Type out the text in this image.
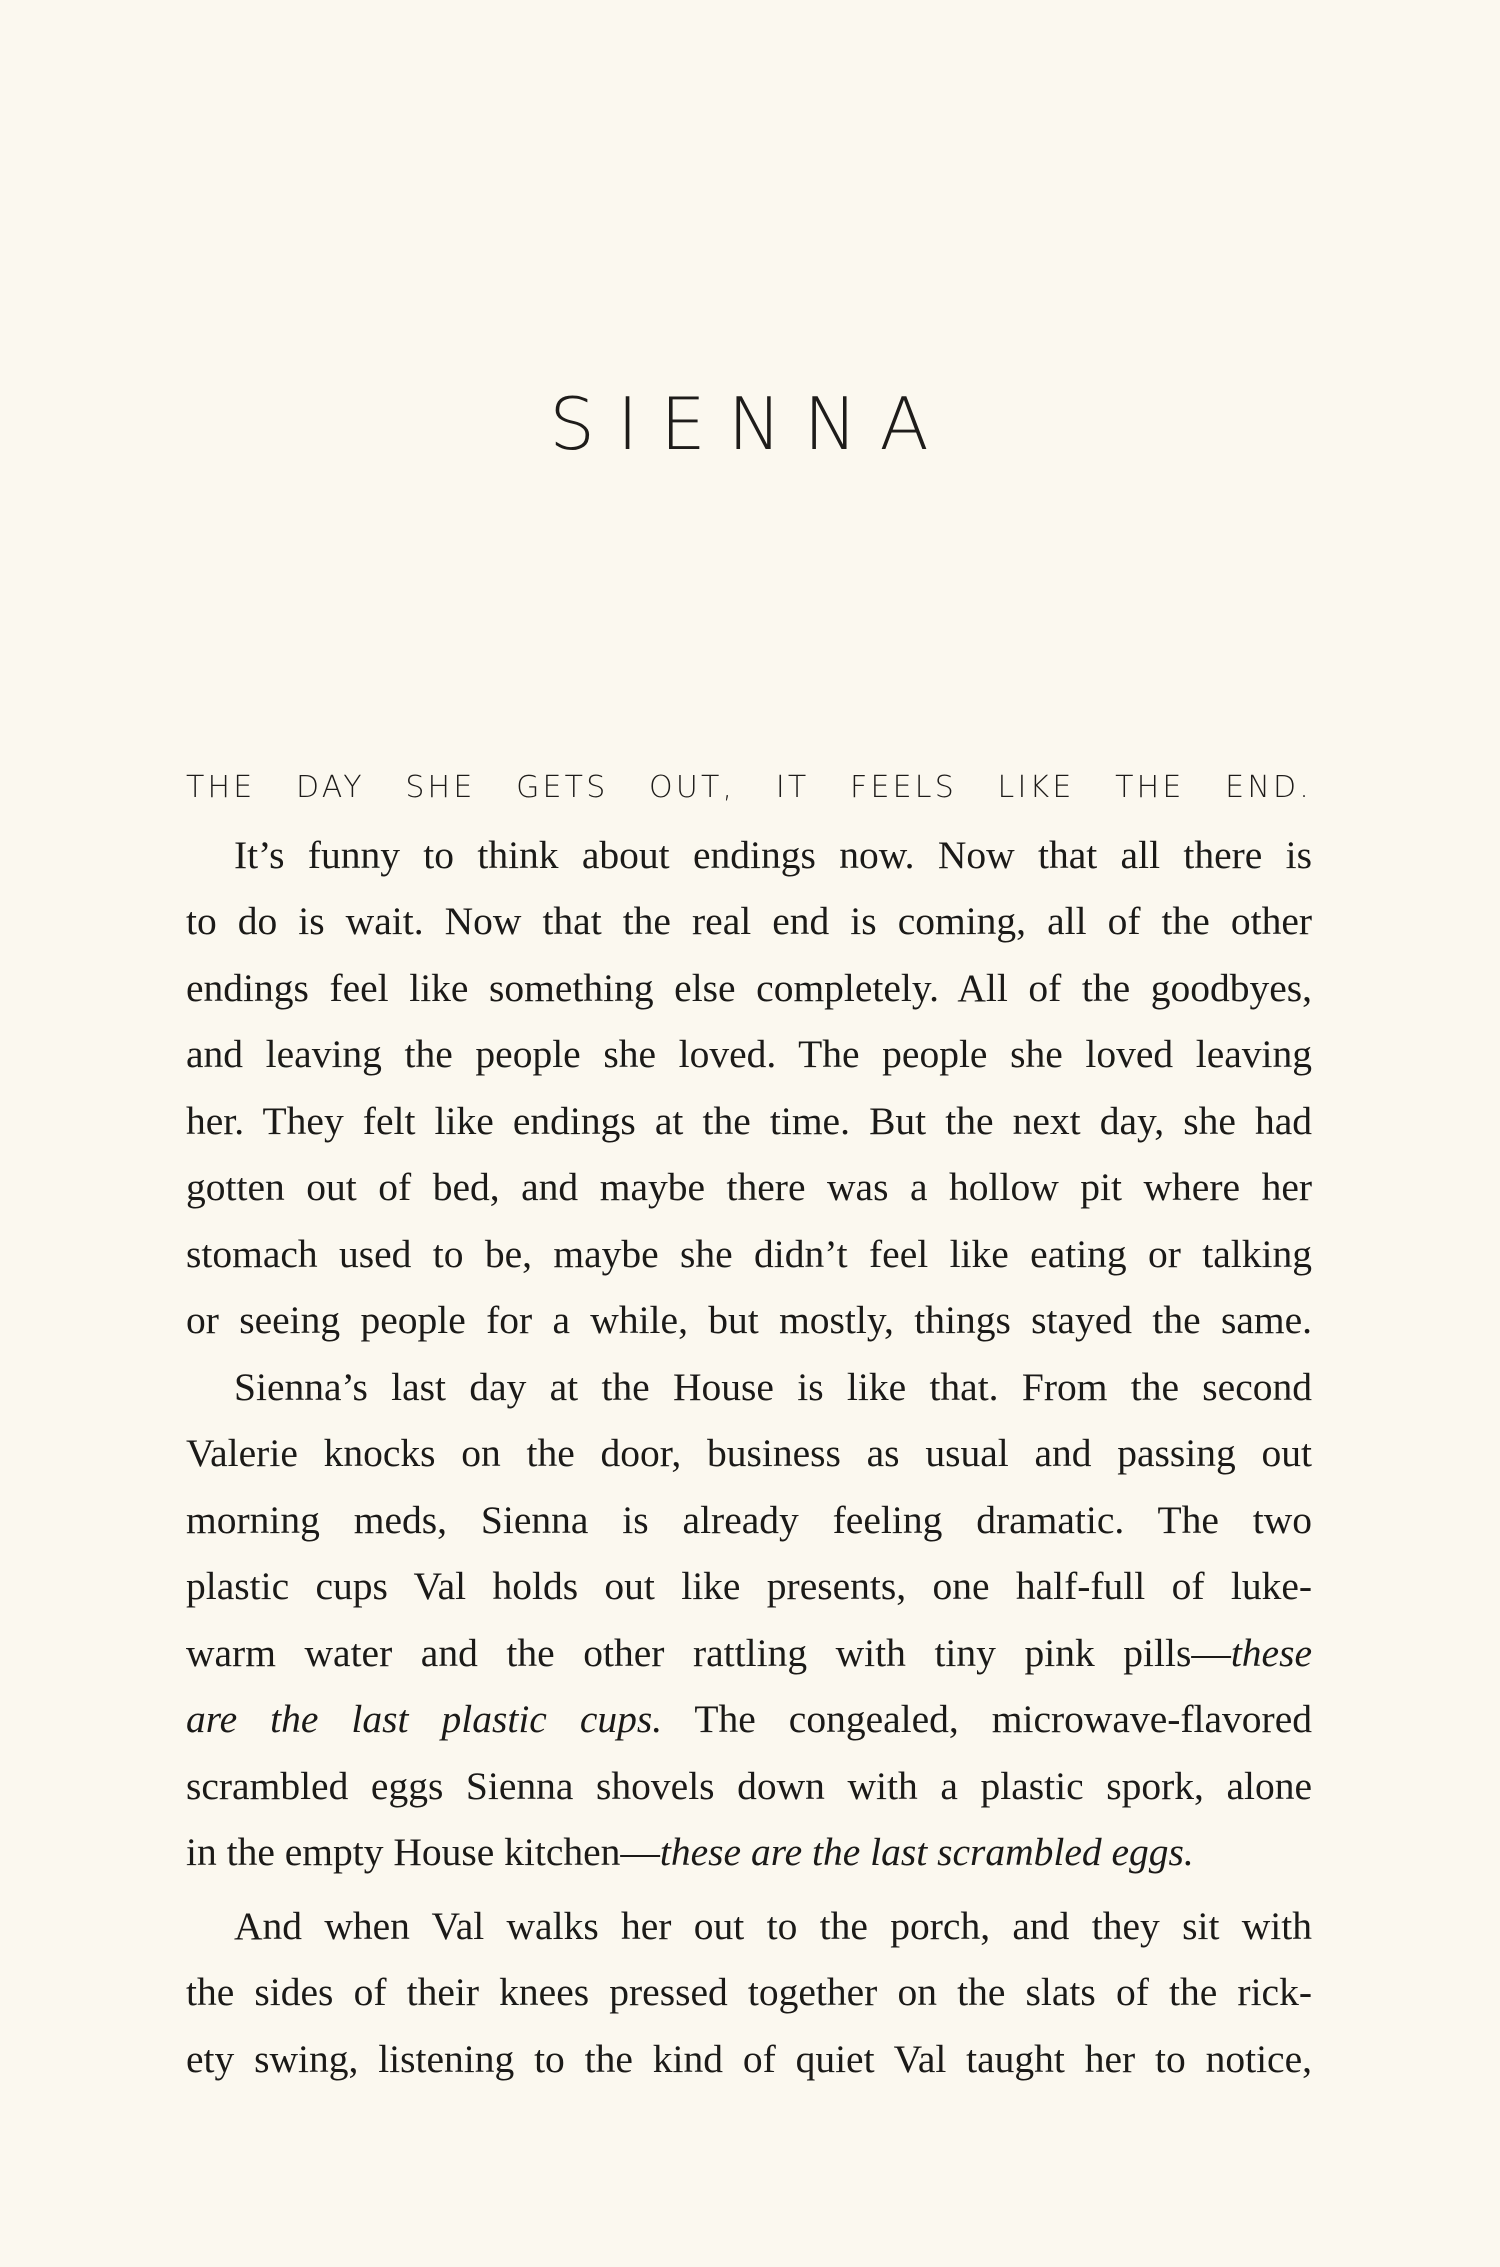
SIENNA
THE DAY SHE GETS OUT, IT FEELS LIKE THE END.
It’s funny to think about endings now. Now that all there is
to do is wait. Now that the real end is coming, all of the other
endings feel like something else completely. All of the goodbyes,
and leaving the people she loved. The people she loved leaving
her. They felt like endings at the time. But the next day, she had
gotten out of bed, and maybe there was a hollow pit where her
stomach used to be, maybe she didn’t feel like eating or talking
or seeing people for a while, but mostly, things stayed the same.
Sienna’s last day at the House is like that. From the second
Valerie knocks on the door, business as usual and passing out
morning meds, Sienna is already feeling dramatic. The two
plastic cups Val holds out like presents, one half-full of luke-
warm water and the other rattling with tiny pink pills—these
are the last plastic cups. The congealed, microwave-flavored
scrambled eggs Sienna shovels down with a plastic spork, alone
in the empty House kitchen—these are the last scrambled eggs.
And when Val walks her out to the porch, and they sit with
the sides of their knees pressed together on the slats of the rick-
ety swing, listening to the kind of quiet Val taught her to notice,
